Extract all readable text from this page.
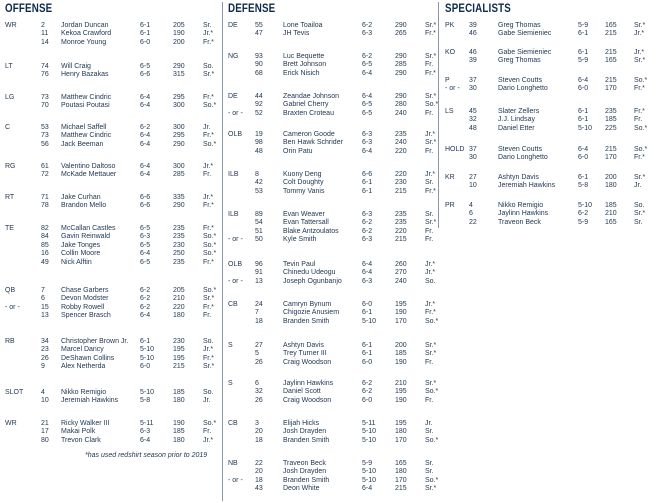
OFFENSE
WR	2 Jordan Duncan	6-1	205	Sr.
11 Kekoa Crawford	6-1	190	Jr.*
14 Monroe Young	6-0	200	Fr.*
LT	74 Will Craig	6-5	290	So.
76 Henry Bazakas	6-6	315	Sr.*
LG	73 Matthew Cindric	6-4	295	Fr.*
70 Poutasi Poutasi	6-4	300	So.*
C	53 Michael Saffell	6-2	300	Jr.
73 Matthew Cindric	6-4	295	Fr.*
56 Jack Beeman	6-4	290	So.*
RG	61 Valentino Daltoso	6-4	300	Jr.*
72 McKade Mettauer	6-4	285	Fr.
RT	71 Jake Curhan	6-6	335	Jr.*
78 Brandon Mello	6-6	290	Fr.*
TE	82 McCallan Castles	6-5	235	Fr.*
84 Gavin Reinwald	6-3	235	So.*
85 Jake Tonges	6-5	230	So.*
16 Collin Moore	6-4	250	So.*
49 Nick Alftin	6-5	235	Fr.*
QB	7 Chase Garbers	6-2	205	So.*
6 Devon Modster	6-2	210	Sr.*
- or -	15 Robby Rowell	6-2	220	Fr.*
13 Spencer Brasch	6-4	180	Fr.
RB	34 Christopher Brown Jr. 6-1	230	So.
23 Marcel Dancy	5-10	195	Jr.*
26 DeShawn Collins	5-10	195	Fr.*
9 Alex Netherda	6-0	215	Sr.*
SLOT	4 Nikko Remigio	5-10	185	So.
10 Jeremiah Hawkins	5-8	180	Jr.
WR	21 Ricky Walker III	5-11	190	So.*
17 Makai Polk	6-3	185	Fr.
80 Trevon Clark	6-4	180	Jr.*
DEFENSE
DE 55	Lone Toailoa	6-2	290	Sr.*
47	JH Tevis	6-3	265	Fr.*
NG 93	Luc Bequette	6-2	290	Sr.*
90	Brett Johnson	6-5	285	Fr.
68	Erick Nisich	6-4	290	Fr.*
DE 44	Zeandae Johnson	6-4	290	Sr.*
92	Gabriel Cherry	6-5	280	So.*
- or - 52	Braxten Croteau	6-5	240	Fr.
OLB 19	Cameron Goode	6-3	235	Jr.*
98	Ben Hawk Schrider	6-3	240	Sr.*
48	Orin Patu	6-4	220	Fr.
ILB 8	Kuony Deng	6-6	220	Jr.*
42	Colt Doughty	6-1	230	Sr.
53	Tommy Vanis	6-1	215	Fr.*
ILB 89	Evan Weaver	6-3	235	Sr.
54	Evan Tattersall	6-2	235	Sr.*
51	Blake Antzoulatos	6-2	220	Fr.
- or - 50	Kyle Smith	6-3	215	Fr.
OLB 96	Tevin Paul	6-4	260	Jr.*
91	Chinedu Udeogu	6-4	270	Jr.*
- or - 13	Joseph Ogunbanjo	6-3	240	So.
CB 24	Camryn Bynum	6-0	195	Jr.*
7	Chigozie Anusiem	6-1	190	Fr.*
18	Branden Smith	5-10	170	So.*
S	27	Ashtyn Davis	6-1	200	Sr.*
5	Trey Turner III	6-1	185	Sr.*
26	Craig Woodson	6-0	190	Fr.
S	6	Jaylinn Hawkins	6-2	210	Sr.*
32	Daniel Scott	6-2	195	So.*
26	Craig Woodson	6-0	190	Fr.
CB 3	Elijah Hicks	5-11	195	Jr.
20	Josh Drayden	5-10	180	Sr.
18	Branden Smith	5-10	170	So.*
NB 22	Traveon Beck	5-9	165	Sr.
20	Josh Drayden	5-10	180	Sr.
- or - 18	Branden Smith	5-10	170	So.*
43	Deon White	6-4	215	Sr.*
SPECIALISTS
PK 39	Greg Thomas	5-9 165 Sr.*
46	Gabe Siemieniec	6-1 215 Jr.*
KO 46	Gabe Siemieniec	6-1 215 Jr.*
39	Greg Thomas	5-9 165 Sr.*
P	37	Steven Coutts	6-4 215 So.*
- or - 30	Dario Longhetto	6-0 170 Fr.*
LS 45	Slater Zellers	6-1 235 Fr.*
32	J.J. Lindsay	6-1 185 Fr.
48	Daniel Etter	5-10 225 So.*
HOLD 37	Steven Coutts	6-4 215 So.*
30	Dario Longhetto	6-0 170 Fr.*
KR 27	Ashtyn Davis	6-1 200 Sr.*
10	Jeremiah Hawkins	5-8 180 Jr.
PR 4	Nikko Remigio	5-10 185 So.
6	Jaylinn Hawkins	6-2 210 Sr.*
22	Traveon Beck	5-9 165 Sr.
*has used redshirt season prior to 2019
